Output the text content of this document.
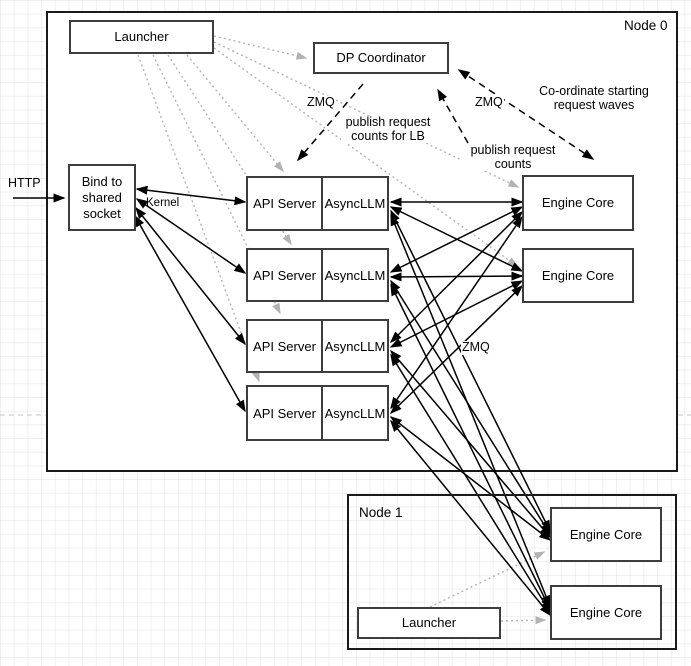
Node 0
Node 1
Launcher
DP Coordinator
Bind to shared socket
API Server AsyncLLM
API Server AsyncLLM
API Server AsyncLLM
API Server AsyncLLM
Engine Core
Engine Core
Launcher
Engine Core
Engine Core
HTTP
Kernel
ZMQ
publish request counts for LB
ZMQ
publish request counts
Co-ordinate starting request waves
ZMQ
